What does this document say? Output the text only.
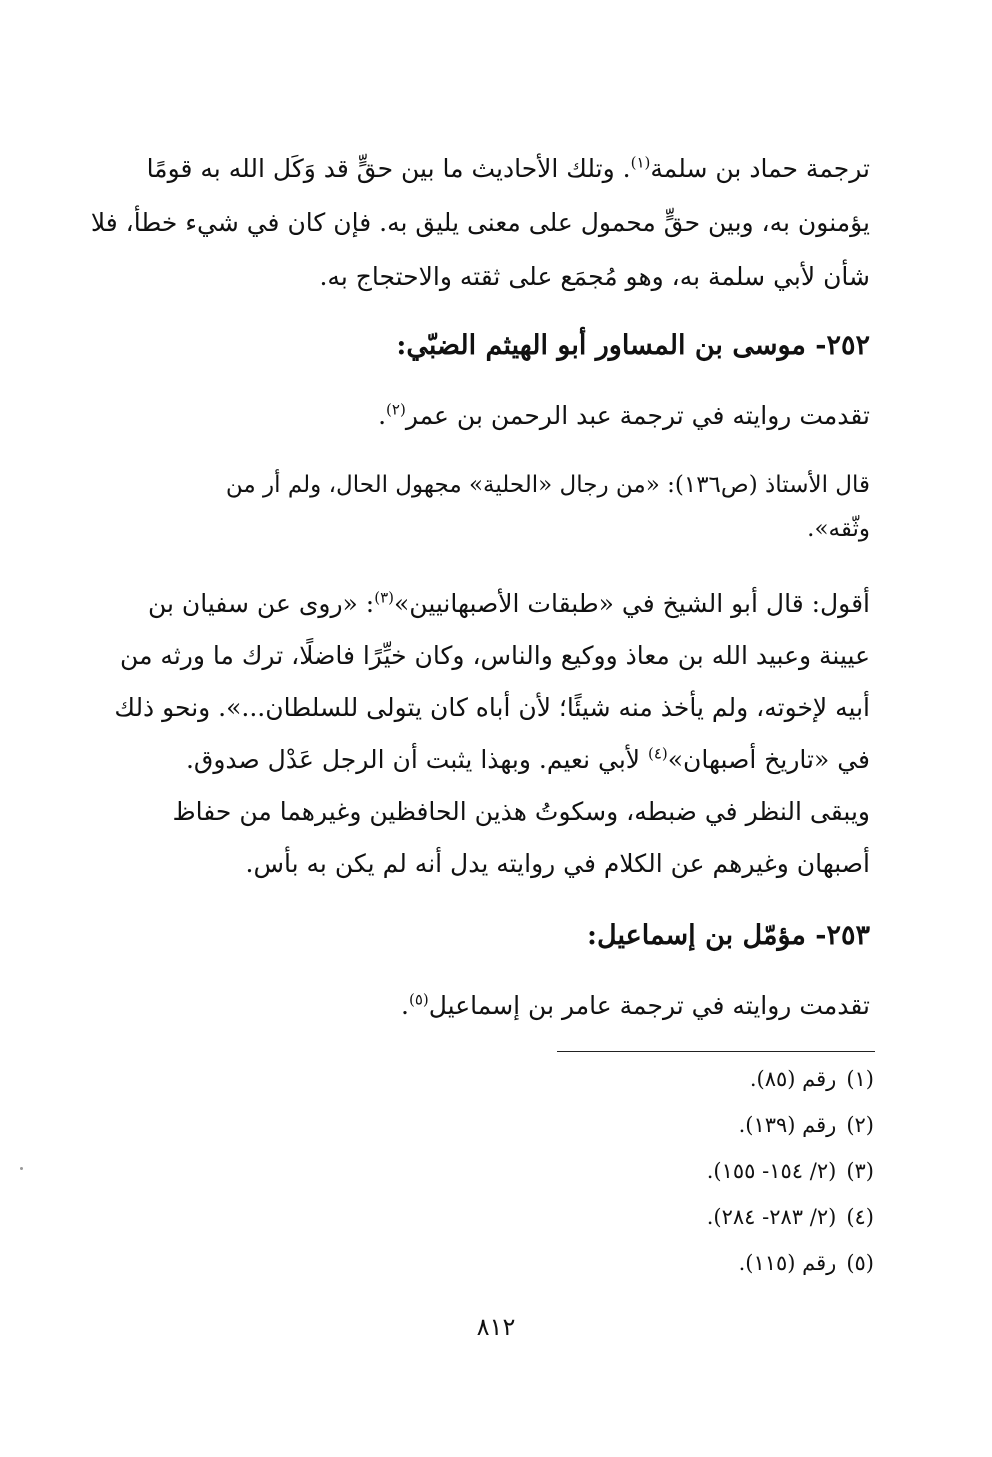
ترجمة حماد بن سلمة$^{(١)}$. وتلك الأحاديث ما بين حقٍّ قد وَكَل الله به قومًا
يؤمنون به، وبين حقٍّ محمول على معنى يليق به. فإن كان في شيء خطأ، فلا
شأن لأبي سلمة به، وهو مُجمَع على ثقته والاحتجاج به.
٢٥٢- موسى بن المساور أبو الهيثم الضبّي:
تقدمت روايته في ترجمة عبد الرحمن بن عمر$^{(٢)}$.
قال الأستاذ (ص١٣٦): «من رجال «الحلية» مجهول الحال، ولم أر من
وثّقه».
أقول: قال أبو الشيخ في «طبقات الأصبهانيين»$^{(٣)}$: «روى عن سفيان بن
عيينة وعبيد الله بن معاذ ووكيع والناس، وكان خيِّرًا فاضلًا، ترك ما ورثه من
أبيه لإخوته، ولم يأخذ منه شيئًا؛ لأن أباه كان يتولى للسلطان...». ونحو ذلك
في «تاريخ أصبهان»$^{(٤)}$ لأبي نعيم. وبهذا يثبت أن الرجل عَدْل صدوق.
ويبقى النظر في ضبطه، وسكوتُ هذين الحافظين وغيرهما من حفاظ
أصبهان وغيرهم عن الكلام في روايته يدل أنه لم يكن به بأس.
٢٥٣- مؤمّل بن إسماعيل:
تقدمت روايته في ترجمة عامر بن إسماعيل$^{(٥)}$.
(١)رقم (٨٥).
(٢)رقم (١٣٩).
(٣)(٢/ ١٥٤- ١٥٥).
(٤)(٢/ ٢٨٣- ٢٨٤).
(٥)رقم (١١٥).
٨١٢
